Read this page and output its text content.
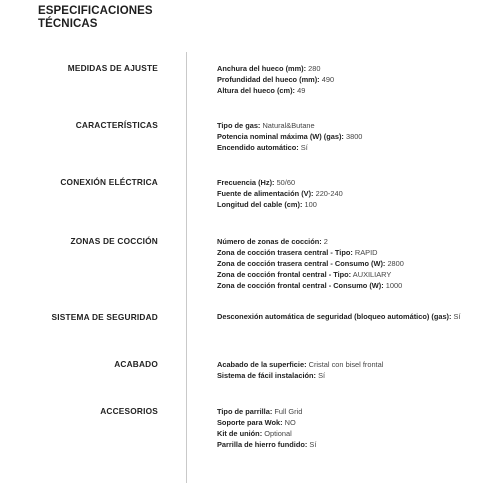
ESPECIFICACIONES
TÉCNICAS
MEDIDAS DE AJUSTE	Anchura del hueco (mm): 280
Profundidad del hueco (mm): 490
Altura del hueco (cm): 49
CARACTERÍSTICAS	Tipo de gas: Natural&Butane
Potencia nominal máxima (W) (gas): 3800
Encendido automático: Sí
CONEXIÓN ELÉCTRICA	Frecuencia (Hz): 50/60
Fuente de alimentación (V): 220-240
Longitud del cable (cm): 100
ZONAS DE COCCIÓN	Número de zonas de cocción: 2
Zona de cocción trasera central - Tipo: RAPID
Zona de cocción trasera central - Consumo (W): 2800
Zona de cocción frontal central - Tipo: AUXILIARY
Zona de cocción frontal central - Consumo (W): 1000
SISTEMA DE SEGURIDAD	Desconexión automática de seguridad (bloqueo automático) (gas): Sí
ACABADO	Acabado de la superficie: Cristal con bisel frontal
Sistema de fácil instalación: Sí
ACCESORIOS	Tipo de parrilla: Full Grid
Soporte para Wok: NO
Kit de unión: Optional
Parrilla de hierro fundido: Sí
